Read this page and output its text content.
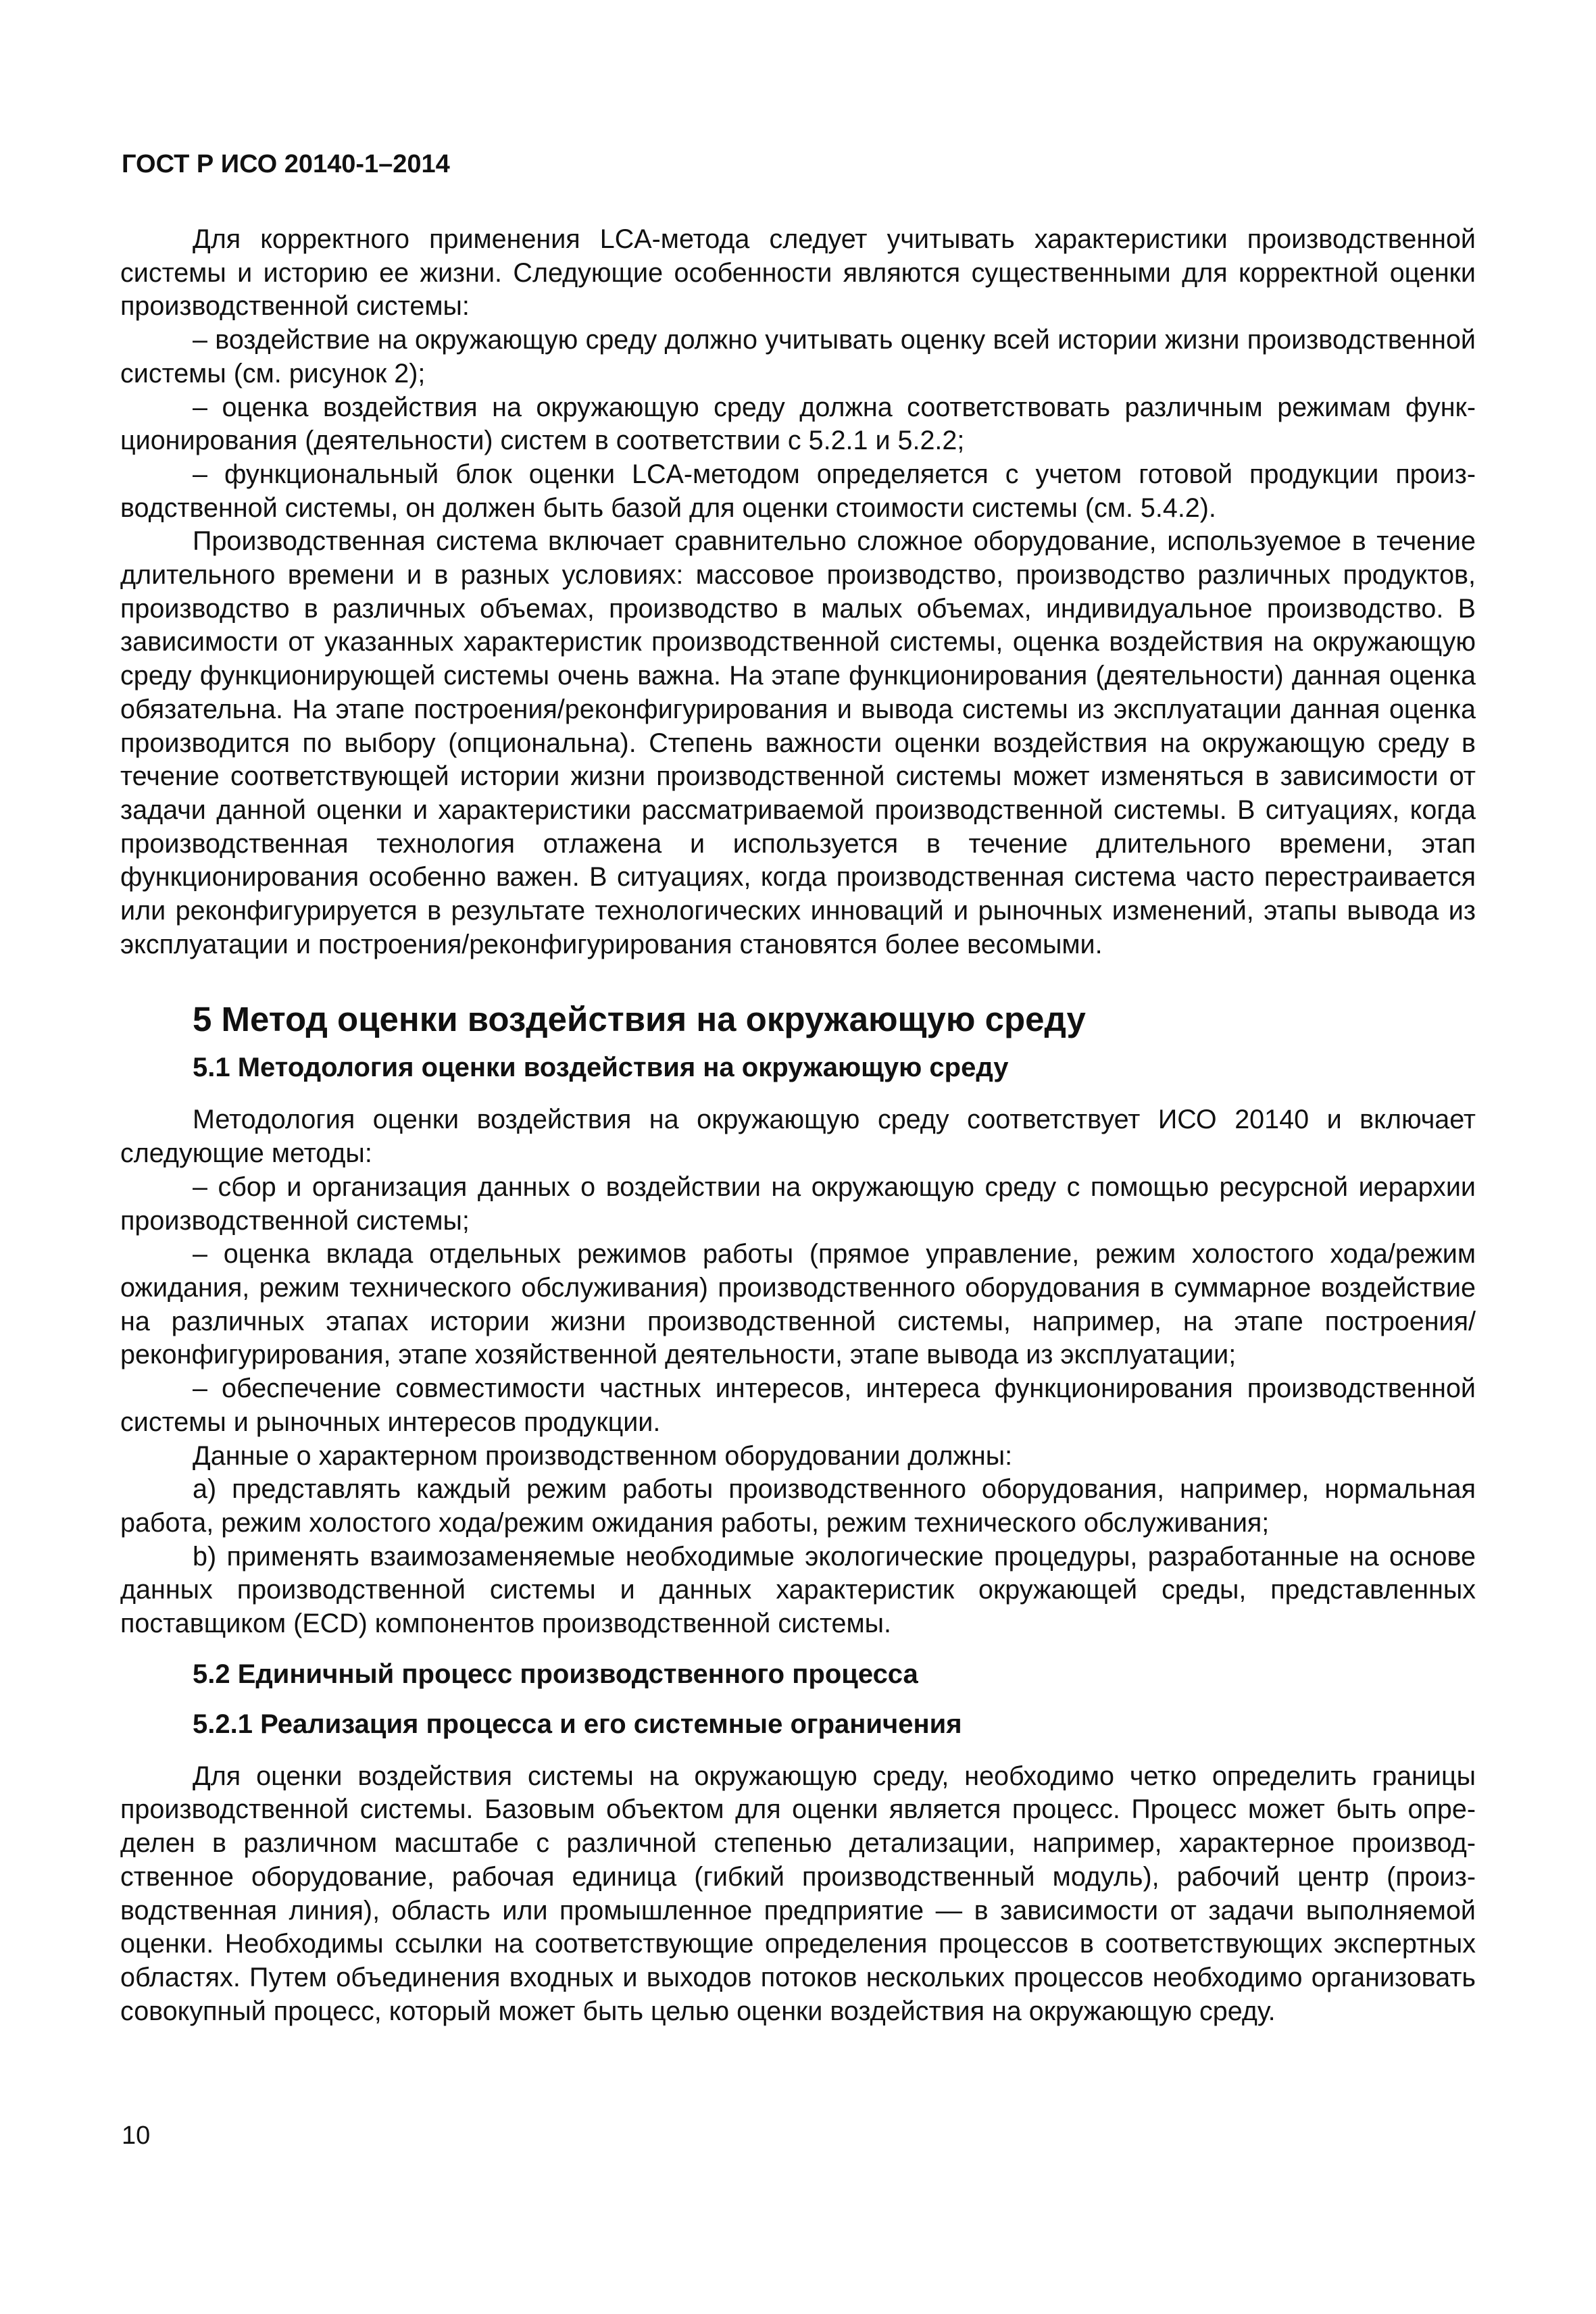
ГОСТ Р ИСО 20140-1–2014

Для корректного применения LCA-метода следует учитывать характеристики производственной системы и историю ее жизни. Следующие особенности являются существенными для корректной оценки производственной системы:

– воздействие на окружающую среду должно учитывать оценку всей истории жизни производственной системы (см. рисунок 2);

– оценка воздействия на окружающую среду должна соответствовать различным режимам функционирования (деятельности) систем в соответствии с 5.2.1 и 5.2.2;

– функциональный блок оценки LCA-методом определяется с учетом готовой продукции производственной системы, он должен быть базой для оценки стоимости системы (см. 5.4.2).

Производственная система включает сравнительно сложное оборудование, используемое в течение длительного времени и в разных условиях: массовое производство, производство различных продуктов, производство в различных объемах, производство в малых объемах, индивидуальное производство. В зависимости от указанных характеристик производственной системы, оценка воздействия на окружающую среду функционирующей системы очень важна. На этапе функционирования (деятельности) данная оценка обязательна. На этапе построения/реконфигурирования и вывода системы из эксплуатации данная оценка производится по выбору (опциональна). Степень важности оценки воздействия на окружающую среду в течение соответствующей истории жизни производственной системы может изменяться в зависимости от задачи данной оценки и характеристики рассматриваемой производственной системы. В ситуациях, когда производственная технология отлажена и используется в течение длительного времени, этап функционирования особенно важен. В ситуациях, когда производственная система часто перестраивается или реконфигурируется в результате технологических инноваций и рыночных изменений, этапы вывода из эксплуатации и построения/реконфигурирования становятся более весомыми.

5 Метод оценки воздействия на окружающую среду
5.1 Методология оценки воздействия на окружающую среду

Методология оценки воздействия на окружающую среду соответствует ИСО 20140 и включает следующие методы:

– сбор и организация данных о воздействии на окружающую среду с помощью ресурсной иерархии производственной системы;

– оценка вклада отдельных режимов работы (прямое управление, режим холостого хода/режим ожидания, режим технического обслуживания) производственного оборудования в суммарное воздействие на различных этапах истории жизни производственной системы, например, на этапе построения/ реконфигурирования, этапе хозяйственной деятельности, этапе вывода из эксплуатации;

– обеспечение совместимости частных интересов, интереса функционирования производственной системы и рыночных интересов продукции.

Данные о характерном производственном оборудовании должны:

а) представлять каждый режим работы производственного оборудования, например, нормальная работа, режим холостого хода/режим ожидания работы, режим технического обслуживания;

b) применять взаимозаменяемые необходимые экологические процедуры, разработанные на основе данных производственной системы и данных характеристик окружающей среды, представленных поставщиком (ECD) компонентов производственной системы.

5.2 Единичный процесс производственного процесса
5.2.1 Реализация процесса и его системные ограничения

Для оценки воздействия системы на окружающую среду, необходимо четко определить границы производственной системы. Базовым объектом для оценки является процесс. Процесс может быть определен в различном масштабе с различной степенью детализации, например, характерное производственное оборудование, рабочая единица (гибкий производственный модуль), рабочий центр (производственная линия), область или промышленное предприятие — в зависимости от задачи выполняемой оценки. Необходимы ссылки на соответствующие определения процессов в соответствующих экспертных областях. Путем объединения входных и выходов потоков нескольких процессов необходимо организовать совокупный процесс, который может быть целью оценки воздействия на окружающую среду.

10
